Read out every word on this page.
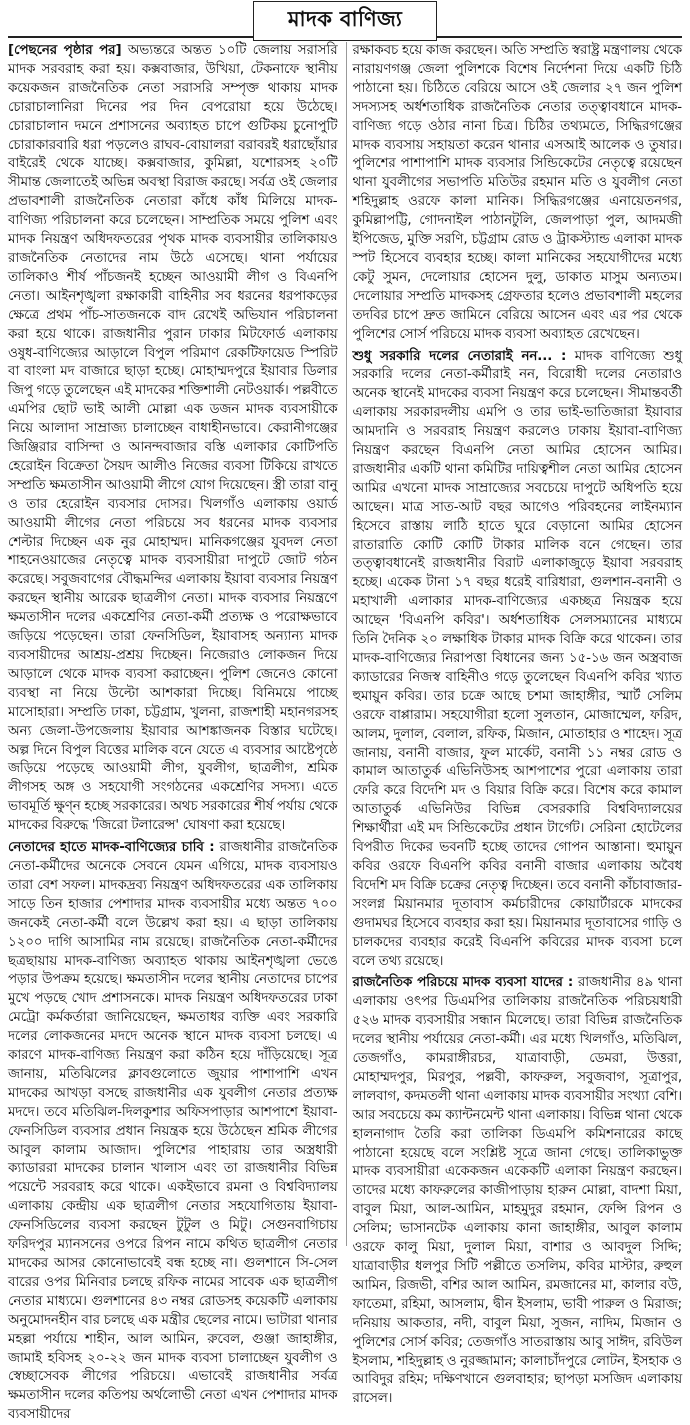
মাদক বাণিজ্য

[পেছনের পৃষ্ঠার পর] অভ্যন্তরে অন্তত ১০টি জেলায় সরাসরি মাদক সরবরাহ করা হয়। কক্সবাজার, উখিয়া, টেকনাফে স্থানীয় কয়েকজন রাজনৈতিক নেতা সরাসরি সম্পৃক্ত থাকায় মাদক চোরাচালানিরা দিনের পর দিন বেপরোয়া হয়ে উঠেছে। চোরাচালান দমনে প্রশাসনের অব্যাহত চাপে গুটিকয় চুনোপুটি চোরাকারবারি ধরা পড়লেও রাঘব-বোয়ালরা বরাবরই ধরাছোঁয়ার বাইরেই থেকে যাচ্ছে। কক্সবাজার, কুমিল্লা, যশোরসহ ২০টি সীমান্ত জেলাতেই অভিন্ন অবস্থা বিরাজ করছে। সর্বত্র ওই জেলার প্রভাবশালী রাজনৈতিক নেতারা কাঁধে কাঁধ মিলিয়ে মাদক-বাণিজ্য পরিচালনা করে চলেছেন। সাম্প্রতিক সময়ে পুলিশ এবং মাদক নিয়ন্ত্রণ অধিদফতরের পৃথক মাদক ব্যবসায়ীর তালিকায়ও রাজনৈতিক নেতাদের নাম উঠে এসেছে। থানা পর্যায়ের তালিকাও শীর্ষ পাঁচজনই হচ্ছেন আওয়ামী লীগ ও বিএনপি নেতা। আইনশৃঙ্খলা রক্ষাকারী বাহিনীর সব ধরনের ধরপাকড়ের ক্ষেত্রে প্রথম পাঁচ-সাতজনকে বাদ রেখেই অভিযান পরিচালনা করা হয়ে থাকে। রাজধানীর পুরান ঢাকার মিটফোর্ড এলাকায় ওষুধ-বাণিজ্যের আড়ালে বিপুল পরিমাণ রেকটিফায়েড স্পিরিট বা বাংলা মদ বাজারে ছাড়া হচ্ছে। মোহাম্মদপুরে ইয়াবার ডিলার জিপু গড়ে তুলেছেন এই মাদকের শক্তিশালী নেটওয়ার্ক। পল্লবীতে এমপির ছোট ভাই আলী মোল্লা এক ডজন মাদক ব্যবসায়ীকে নিয়ে আলাদা সাম্রাজ্য চালাচ্ছেন বাধাহীনভাবে। কেরানীগঞ্জের জিঞ্জিরার বাসিন্দা ও আনন্দবাজার বস্তি এলাকার কোটিপতি হেরোইন বিক্রেতা সৈয়দ আলীও নিজের ব্যবসা টিকিয়ে রাখতে সম্প্রতি ক্ষমতাসীন আওয়ামী লীগে যোগ দিয়েছেন। স্ত্রী তারা বানু ও তার হেরোইন ব্যবসার দোসর। খিলগাঁও এলাকায় ওয়ার্ড আওয়ামী লীগের নেতা পরিচয়ে সব ধরনের মাদক ব্যবসার শেল্টার দিচ্ছেন এক নুর মোহাম্মদ। মানিকগঞ্জের যুবদল নেতা শাহনেওয়াজের নেতৃত্বে মাদক ব্যবসায়ীরা দাপুটে জোট গঠন করেছে। সবুজবাগের বৌদ্ধমন্দির এলাকায় ইয়াবা ব্যবসার নিয়ন্ত্রণ করছেন স্থানীয় আরেক ছাত্রলীগ নেতা। মাদক ব্যবসার নিয়ন্ত্রণে ক্ষমতাসীন দলের একশ্রেণির নেতা-কর্মী প্রত্যক্ষ ও পরোক্ষভাবে জড়িয়ে পড়েছেন। তারা ফেনসিডিল, ইয়াবাসহ অন্যান্য মাদক ব্যবসায়ীদের আশ্রয়-প্রশ্রয় দিচ্ছেন। নিজেরাও লোকজন দিয়ে আড়ালে থেকে মাদক ব্যবসা করাচ্ছেন। পুলিশ জেনেও কোনো ব্যবস্থা না নিয়ে উল্টো আশকারা দিচ্ছে। বিনিময়ে পাচ্ছে মাসোহারা। সম্প্রতি ঢাকা, চট্টগ্রাম, খুলনা, রাজশাহী মহানগরসহ অন্য জেলা-উপজেলায় ইয়াবার আশঙ্কাজনক বিস্তার ঘটেছে। অল্প দিনে বিপুল বিত্তের মালিক বনে যেতে এ ব্যবসার আষ্টেপৃষ্ঠে জড়িয়ে পড়েছে আওয়ামী লীগ, যুবলীগ, ছাত্রলীগ, শ্রমিক লীগসহ অঙ্গ ও সহযোগী সংগঠনের একশ্রেণির সদস্য। এতে ভাবমূর্তি ক্ষুণ্ন হচ্ছে সরকারের। অথচ সরকারের শীর্ষ পর্যায় থেকে মাদকের বিরুদ্ধে 'জিরো টলারেন্স' ঘোষণা করা হয়েছে।

নেতাদের হাতে মাদক-বাণিজ্যের চাবি : রাজধানীর রাজনৈতিক নেতা-কর্মীদের অনেকে সেবনে যেমন এগিয়ে, মাদক ব্যবসায়ও তারা বেশ সফল। মাদকদ্রব্য নিয়ন্ত্রণ অধিদফতরের এক তালিকায় সাড়ে তিন হাজার পেশাদার মাদক ব্যবসায়ীর মধ্যে অন্তত ৭০০ জনকেই নেতা-কর্মী বলে উল্লেখ করা হয়। এ ছাড়া তালিকায় ১২০০ দাগি আসামির নাম রয়েছে। রাজনৈতিক নেতা-কর্মীদের ছত্রছায়ায় মাদক-বাণিজ্য অব্যাহত থাকায় আইনশৃঙ্খলা ভেঙে পড়ার উপক্রম হয়েছে। ক্ষমতাসীন দলের স্থানীয় নেতাদের চাপের মুখে পড়ছে খোদ প্রশাসনকে। মাদক নিয়ন্ত্রণ অধিদফতরের ঢাকা মেট্রো কর্মকর্তারা জানিয়েছেন, ক্ষমতাধর ব্যক্তি এবং সরকারি দলের লোকজনের মদদে অনেক স্থানে মাদক ব্যবসা চলছে। এ কারণে মাদক-বাণিজ্য নিয়ন্ত্রণ করা কঠিন হয়ে দাঁড়িয়েছে। সূত্র জানায়, মতিঝিলের ক্লাবগুলোতে জুয়ার পাশাপাশি এখন মাদকের আখড়া বসছে রাজধানীর এক যুবলীগ নেতার প্রত্যক্ষ মদদে। তবে মতিঝিল-দিলকুশার অফিসপাড়ার আশপাশে ইয়াবা-ফেনসিডিল ব্যবসার প্রধান নিয়ন্ত্রক হয়ে উঠেছেন শ্রমিক লীগের আবুল কালাম আজাদ। পুলিশের পাহারায় তার অস্ত্রধারী ক্যাডাররা মাদকের চালান খালাস এবং তা রাজধানীর বিভিন্ন পয়েন্টে সরবরাহ করে থাকে। একইভাবে রমনা ও বিশ্ববিদ্যালয় এলাকায় কেন্দ্রীয় এক ছাত্রলীগ নেতার সহযোগিতায় ইয়াবা-ফেনসিডিলের ব্যবসা করছেন টুটুল ও মিটু। সেগুনবাগিচায় ফরিদপুর ম্যানসনের ওপরে রিপন নামে কথিত ছাত্রলীগ নেতার মাদকের আসর কোনোভাবেই বন্ধ হচ্ছে না। গুলশানে সি-সেল বারের ওপর মিনিবার চলছে রফিক নামের সাবেক এক ছাত্রলীগ নেতার মাধ্যমে। গুলশানের ৪৩ নম্বর রোডসহ কয়েকটি এলাকায় অনুমোদনহীন বার চলছে এক মন্ত্রীর ছেলের নামে। ভাটারা থানার মহল্লা পর্যায়ে শাহীন, আল আমিন, রুবেল, গুঞ্জা জাহাঙ্গীর, জামাই হবিসহ ২০-২২ জন মাদক ব্যবসা চালাচ্ছেন যুবলীগ ও স্বেচ্ছাসেবক লীগের পরিচয়ে। এভাবেই রাজধানীর সর্বত্র ক্ষমতাসীন দলের কতিপয় অর্থলোভী নেতা এখন পেশাদার মাদক ব্যবসায়ীদের

রক্ষাকবচ হয়ে কাজ করছেন। অতি সম্প্রতি স্বরাষ্ট্র মন্ত্রণালয় থেকে নারায়ণগঞ্জ জেলা পুলিশকে বিশেষ নির্দেশনা দিয়ে একটি চিঠি পাঠানো হয়। চিঠিতে বেরিয়ে আসে ওই জেলার ২৭ জন পুলিশ সদস্যসহ অর্ধশতাধিক রাজনৈতিক নেতার তত্ত্বাবধানে মাদক-বাণিজ্য গড়ে ওঠার নানা চিত্র। চিঠির তথ্যমতে, সিদ্ধিরগঞ্জের মাদক ব্যবসায় সহায়তা করেন থানার এসআই আলেক ও তুষার। পুলিশের পাশাপাশি মাদক ব্যবসার সিন্ডিকেটের নেতৃত্বে রয়েছেন থানা যুবলীগের সভাপতি মতিউর রহমান মতি ও যুবলীগ নেতা শহিদুল্লাহ ওরফে কালা মানিক। সিদ্ধিরগঞ্জের এনায়েতনগর, কুমিল্লাপট্টি, গোদনাইল পাঠানটুলি, জেলপাড়া পুল, আদমজী ইপিজেড, মুক্তি সরণি, চট্টগ্রাম রোড ও ট্রাকস্ট্যান্ড এলাকা মাদক স্পট হিসেবে ব্যবহার হচ্ছে। কালা মানিকের সহযোগীদের মধ্যে কেটু সুমন, দেলোয়ার হোসেন দুলু, ডাকাত মাসুম অন্যতম। দেলোয়ার সম্প্রতি মাদকসহ গ্রেফতার হলেও প্রভাবশালী মহলের তদবির চাপে দ্রুত জামিনে বেরিয়ে আসেন এবং এর পর থেকে পুলিশের সোর্স পরিচয়ে মাদক ব্যবসা অব্যাহত রেখেছেন।

শুধু সরকারি দলের নেতারাই নন... : মাদক বাণিজ্যে শুধু সরকারি দলের নেতা-কর্মীরাই নন, বিরোধী দলের নেতারাও অনেক স্থানেই মাদকের ব্যবসা নিয়ন্ত্রণ করে চলেছেন। সীমান্তবর্তী এলাকায় সরকারদলীয় এমপি ও তার ভাই-ভাতিজারা ইয়াবার আমদানি ও সরবরাহ নিয়ন্ত্রণ করলেও ঢাকায় ইয়াবা-বাণিজ্য নিয়ন্ত্রণ করছেন বিএনপি নেতা আমির হোসেন আমির। রাজধানীর একটি থানা কমিটির দায়িত্বশীল নেতা আমির হোসেন আমির এখনো মাদক সাম্রাজ্যের সবচেয়ে দাপুটে অধিপতি হয়ে আছেন। মাত্র সাত-আট বছর আগেও পরিবহনের লাইনম্যান হিসেবে রাস্তায় লাঠি হাতে ঘুরে বেড়ানো আমির হোসেন রাতারাতি কোটি কোটি টাকার মালিক বনে গেছেন। তার তত্ত্বাবধানেই রাজধানীর বিরাট এলাকাজুড়ে ইয়াবা সরবরাহ হচ্ছে। একেক টানা ১৭ বছর ধরেই বারিধারা, গুলশান-বনানী ও মহাখালী এলাকার মাদক-বাণিজ্যের একচ্ছত্র নিয়ন্ত্রক হয়ে আছেন 'বিএনপি কবির'। অর্ধশতাধিক সেলসম্যানের মাধ্যমে তিনি দৈনিক ২০ লক্ষাধিক টাকার মাদক বিক্রি করে থাকেন। তার মাদক-বাণিজ্যের নিরাপত্তা বিধানের জন্য ১৫-১৬ জন অস্ত্রবাজ ক্যাডারের নিজস্ব বাহিনীও গড়ে তুলেছেন বিএনপি কবির খ্যাত হুমায়ুন কবির। তার চক্রে আছে চশমা জাহাঙ্গীর, স্মার্ট সেলিম ওরফে বাপ্পারাম। সহযোগীরা হলো সুলতান, মোজাম্মেল, ফরিদ, আলম, দুলাল, বেলাল, রফিক, মিজান, মোতাহার ও শাহেদ। সূত্র জানায়, বনানী বাজার, ফুল মার্কেট, বনানী ১১ নম্বর রোড ও কামাল আতাতুর্ক এভিনিউসহ আশপাশের পুরো এলাকায় তারা ফেরি করে বিদেশি মদ ও বিয়ার বিক্রি করে। বিশেষ করে কামাল আতাতুর্ক এভিনিউর বিভিন্ন বেসরকারি বিশ্ববিদ্যালয়ের শিক্ষার্থীরা এই মদ সিন্ডিকেটের প্রধান টার্গেট। সেরিনা হোটেলের বিপরীত দিকের ভবনটি হচ্ছে তাদের গোপন আস্তানা। হুমায়ুন কবির ওরফে বিএনপি কবির বনানী বাজার এলাকায় অবৈধ বিদেশি মদ বিক্রি চক্রের নেতৃত্ব দিচ্ছেন। তবে বনানী কাঁচাবাজার-সংলগ্ন মিয়ানমার দূতাবাস কর্মচারীদের কোয়ার্টারকে মাদকের গুদামঘর হিসেবে ব্যবহার করা হয়। মিয়ানমার দূতাবাসের গাড়ি ও চালকদের ব্যবহার করেই বিএনপি কবিরের মাদক ব্যবসা চলে বলে তথ্য রয়েছে।

রাজনৈতিক পরিচয়ে মাদক ব্যবসা যাদের : রাজধানীর ৪৯ থানা এলাকায় ওৎপর ডিএমপির তালিকায় রাজনৈতিক পরিচয়ধারী ৫২৬ মাদক ব্যবসায়ীর সন্ধান মিলেছে। তারা বিভিন্ন রাজনৈতিক দলের স্থানীয় পর্যায়ের নেতা-কর্মী। এর মধ্যে খিলগাঁও, মতিঝিল, তেজগাঁও, কামরাঙ্গীরচর, যাত্রাবাড়ী, ডেমরা, উত্তরা, মোহাম্মদপুর, মিরপুর, পল্লবী, কাফরুল, সবুজবাগ, সূত্রাপুর, লালবাগ, কদমতলী থানা এলাকায় মাদক ব্যবসায়ীর সংখ্যা বেশি। আর সবচেয়ে কম ক্যান্টনমেন্ট থানা এলাকায়। বিভিন্ন থানা থেকে হালনাগাদ তৈরি করা তালিকা ডিএমপি কমিশনারের কাছে পাঠানো হয়েছে বলে সংশ্লিষ্ট সূত্রে জানা গেছে। তালিকাভুক্ত মাদক ব্যবসায়ীরা একেকজন একেকটি এলাকা নিয়ন্ত্রণ করছেন। তাদের মধ্যে কাফরুলের কাজীপাড়ায় হারুন মোল্লা, বাদশা মিয়া, বাবুল মিয়া, আল-আমিন, মাহমুদুর রহমান, ফেন্সি রিপন ও সেলিম; ভাসানটেক এলাকায় কানা জাহাঙ্গীর, আবুল কালাম ওরফে কালু মিয়া, দুলাল মিয়া, বাশার ও আবদুল সিদ্দি; যাত্রাবাড়ীর ধলপুর সিটি পল্লীতে তসলিম, কবির মাস্টার, রুহুল আমিন, রিজভী, বশির আল আমিন, রমজানের মা, কালার বউ, ফাতেমা, রহিমা, আসলাম, দ্বীন ইসলাম, ভাবী পারুল ও মিরাজ; দনিয়ায় আকতার, নদী, বাবুল মিয়া, সুজন, নাদিম, মিজান ও পুলিশের সোর্স কবির; তেজগাঁও সাতরাস্তায় আবু সাঈদ, রবিউল ইসলাম, শহিদুল্লাহ ও নুরজ্জামান; কালাচাঁদপুরে লোটন, ইসহাক ও আবিদুর রহিম; দক্ষিণখানে গুলবাহার; ছাপড়া মসজিদ এলাকায় রাসেল।
